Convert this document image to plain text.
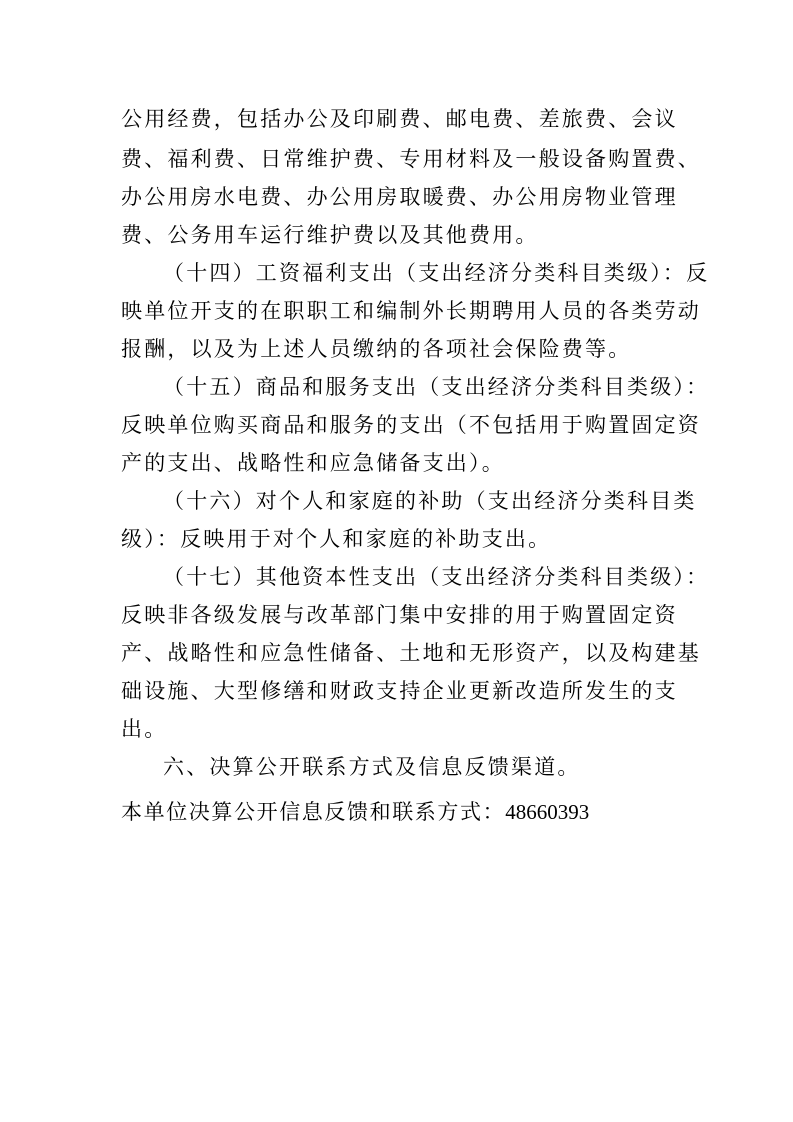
公用经费，包括办公及印刷费、邮电费、差旅费、会议
费、福利费、日常维护费、专用材料及一般设备购置费、
办公用房水电费、办公用房取暖费、办公用房物业管理
费、公务用车运行维护费以及其他费用。
（十四）工资福利支出（支出经济分类科目类级）：反
映单位开支的在职职工和编制外长期聘用人员的各类劳动
报酬，以及为上述人员缴纳的各项社会保险费等。
（十五）商品和服务支出（支出经济分类科目类级）：
反映单位购买商品和服务的支出（不包括用于购置固定资
产的支出、战略性和应急储备支出）。
（十六）对个人和家庭的补助（支出经济分类科目类
级）：反映用于对个人和家庭的补助支出。
（十七）其他资本性支出（支出经济分类科目类级）：
反映非各级发展与改革部门集中安排的用于购置固定资
产、战略性和应急性储备、土地和无形资产，以及构建基
础设施、大型修缮和财政支持企业更新改造所发生的支
出。
六、决算公开联系方式及信息反馈渠道。
本单位决算公开信息反馈和联系方式：48660393
